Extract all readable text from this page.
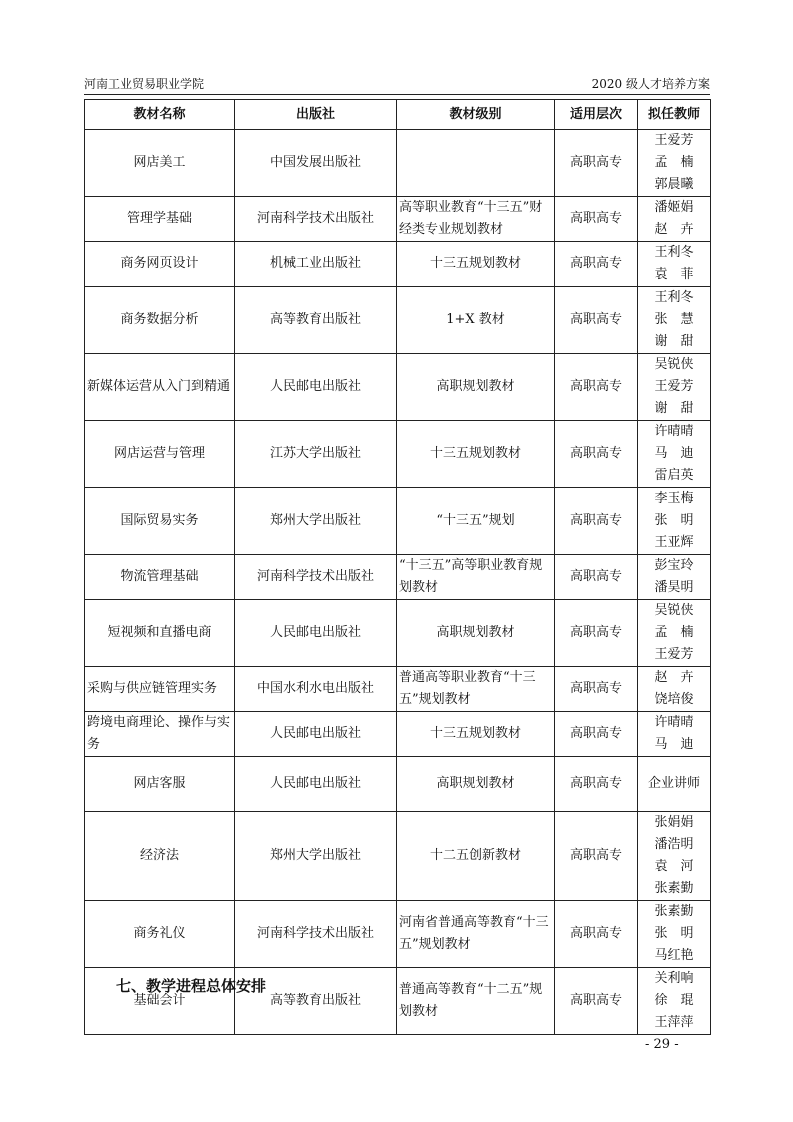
河南工业贸易职业学院	2020 级人才培养方案
教材名称	出版社	教材级别	适用层次	拟任教师
网店美工	中国发展出版社		高职高专	王爱芳
孟　楠
郭晨曦

管理学基础	河南科学技术出版社	高等职业教育“十三五”财经类专业规划教材	高职高专	潘姬娟
赵　卉

商务网页设计	机械工业出版社	十三五规划教材	高职高专	王利冬
袁　菲

商务数据分析	高等教育出版社	1+X 教材	高职高专	王利冬
张　慧
谢　甜

新媒体运营从入门到精通	人民邮电出版社	高职规划教材	高职高专	吴锐侠
王爱芳
谢　甜

网店运营与管理	江苏大学出版社	十三五规划教材	高职高专	许晴晴
马　迪
雷启英

国际贸易实务	郑州大学出版社	“十三五”规划	高职高专	李玉梅
张　明
王亚辉

物流管理基础	河南科学技术出版社	“十三五”高等职业教育规划教材	高职高专	彭宝玲
潘昊明

短视频和直播电商	人民邮电出版社	高职规划教材	高职高专	吴锐侠
孟　楠
王爱芳

采购与供应链管理实务	中国水利水电出版社	普通高等职业教育“十三五”规划教材	高职高专	赵　卉
饶培俊

跨境电商理论、操作与实务	人民邮电出版社	十三五规划教材	高职高专	许晴晴
马　迪

网店客服	人民邮电出版社	高职规划教材	高职高专	企业讲师

经济法	郑州大学出版社	十二五创新教材	高职高专	张娟娟
潘浩明
袁　河
张素勤

商务礼仪	河南科学技术出版社	河南省普通高等教育“十三五”规划教材	高职高专	张素勤
张　明
马红艳

基础会计	高等教育出版社	普通高等教育“十二五”规划教材	高职高专	关利响
徐　琨
王萍萍
七、教学进程总体安排
- 29 -
